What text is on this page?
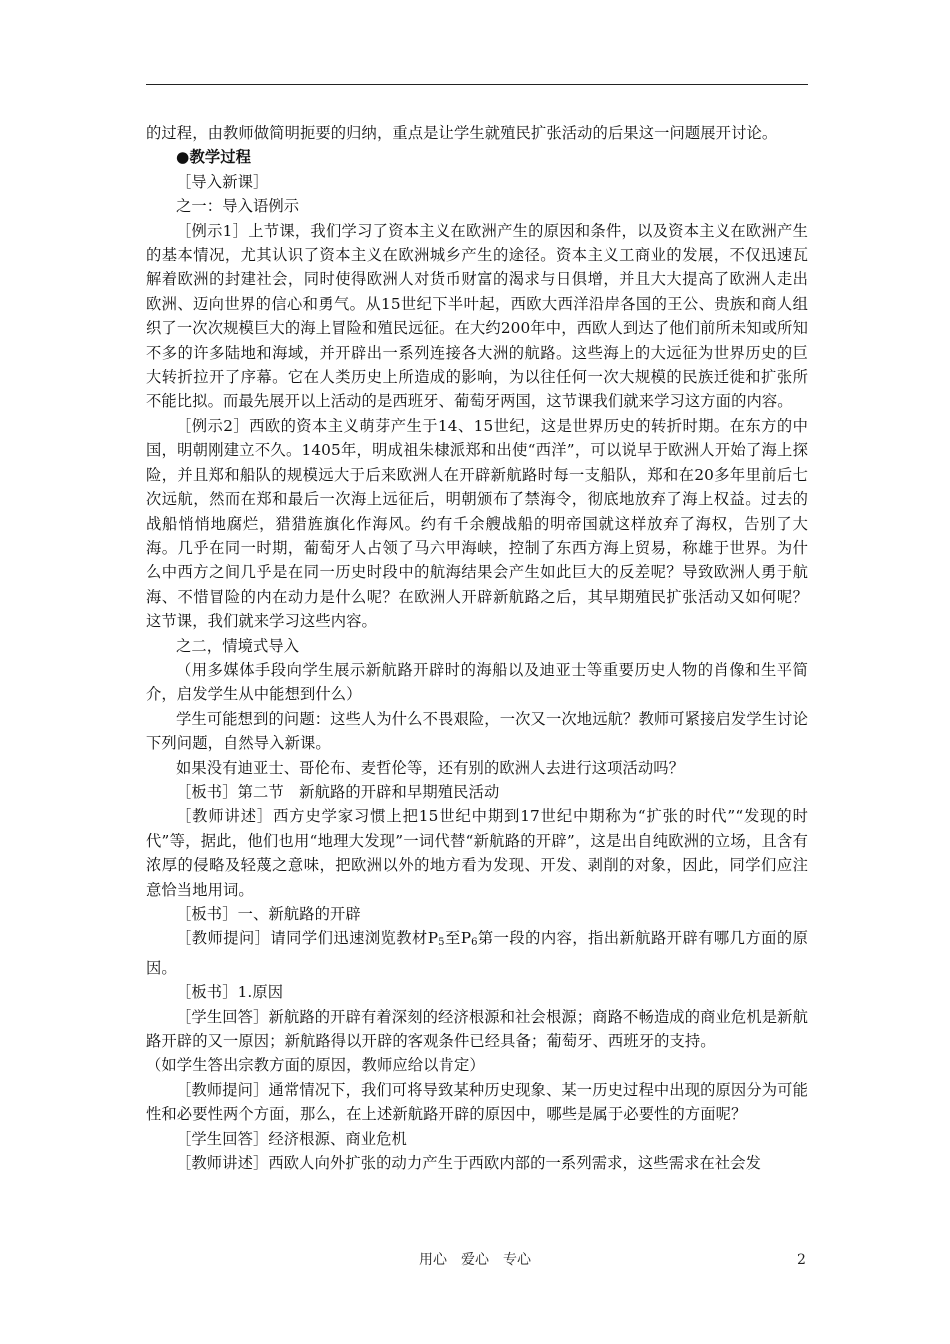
的过程，由教师做简明扼要的归纳，重点是让学生就殖民扩张活动的后果这一问题展开讨论。

●教学过程

［导入新课］

之一：导入语例示

［例示1］上节课，我们学习了资本主义在欧洲产生的原因和条件，以及资本主义在欧洲产生的基本情况，尤其认识了资本主义在欧洲城乡产生的途径。资本主义工商业的发展，不仅迅速瓦解着欧洲的封建社会，同时使得欧洲人对货币财富的渴求与日俱增，并且大大提高了欧洲人走出欧洲、迈向世界的信心和勇气。从15世纪下半叶起，西欧大西洋沿岸各国的王公、贵族和商人组织了一次次规模巨大的海上冒险和殖民远征。在大约200年中，西欧人到达了他们前所未知或所知不多的许多陆地和海域，并开辟出一系列连接各大洲的航路。这些海上的大远征为世界历史的巨大转折拉开了序幕。它在人类历史上所造成的影响，为以往任何一次大规模的民族迁徙和扩张所不能比拟。而最先展开以上活动的是西班牙、葡萄牙两国，这节课我们就来学习这方面的内容。

［例示2］西欧的资本主义萌芽产生于14、15世纪，这是世界历史的转折时期。在东方的中国，明朝刚建立不久。1405年，明成祖朱棣派郑和出使“西洋”，可以说早于欧洲人开始了海上探险，并且郑和船队的规模远大于后来欧洲人在开辟新航路时每一支船队，郑和在20多年里前后七次远航，然而在郑和最后一次海上远征后，明朝颁布了禁海令，彻底地放弃了海上权益。过去的战船悄悄地腐烂，猎猎旌旗化作海风。约有千余艘战船的明帝国就这样放弃了海权，告别了大海。几乎在同一时期，葡萄牙人占领了马六甲海峡，控制了东西方海上贸易，称雄于世界。为什么中西方之间几乎是在同一历史时段中的航海结果会产生如此巨大的反差呢？导致欧洲人勇于航海、不惜冒险的内在动力是什么呢？在欧洲人开辟新航路之后，其早期殖民扩张活动又如何呢？这节课，我们就来学习这些内容。

之二，情境式导入

（用多媒体手段向学生展示新航路开辟时的海船以及迪亚士等重要历史人物的肖像和生平简介，启发学生从中能想到什么）

学生可能想到的问题：这些人为什么不畏艰险，一次又一次地远航？教师可紧接启发学生讨论下列问题，自然导入新课。

如果没有迪亚士、哥伦布、麦哲伦等，还有别的欧洲人去进行这项活动吗？

［板书］第二节　新航路的开辟和早期殖民活动

［教师讲述］西方史学家习惯上把15世纪中期到17世纪中期称为“扩张的时代”“发现的时代”等，据此，他们也用“地理大发现”一词代替“新航路的开辟”，这是出自纯欧洲的立场，且含有浓厚的侵略及轻蔑之意味，把欧洲以外的地方看为发现、开发、剥削的对象，因此，同学们应注意恰当地用词。

［板书］一、新航路的开辟

［教师提问］请同学们迅速浏览教材$P_5$至$P_6$第一段的内容，指出新航路开辟有哪几方面的原因。

［板书］1.原因

［学生回答］新航路的开辟有着深刻的经济根源和社会根源；商路不畅造成的商业危机是新航路开辟的又一原因；新航路得以开辟的客观条件已经具备；葡萄牙、西班牙的支持。

（如学生答出宗教方面的原因，教师应给以肯定）

［教师提问］通常情况下，我们可将导致某种历史现象、某一历史过程中出现的原因分为可能性和必要性两个方面，那么，在上述新航路开辟的原因中，哪些是属于必要性的方面呢？

［学生回答］经济根源、商业危机

［教师讲述］西欧人向外扩张的动力产生于西欧内部的一系列需求，这些需求在社会发

用心　爱心　专心	2
